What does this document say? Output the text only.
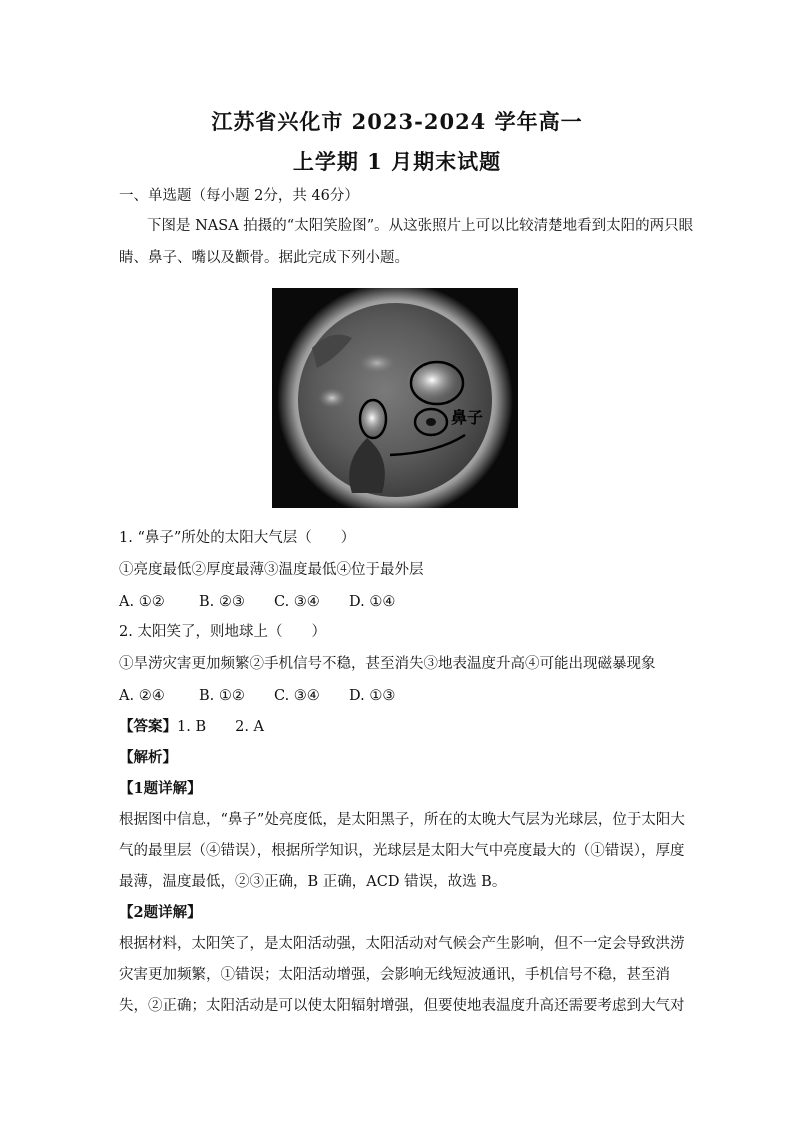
江苏省兴化市 2023-2024 学年高一
上学期 1 月期末试题
一、单选题（每小题 2分，共 46分）
下图是 NASA 拍摄的“太阳笑脸图”。从这张照片上可以比较清楚地看到太阳的两只眼
睛、鼻子、嘴以及颧骨。据此完成下列小题。
鼻子
1. “鼻子”所处的太阳大气层（　　）
①亮度最低②厚度最薄③温度最低④位于最外层
A. ①② B. ②③ C. ③④ D. ①④
2. 太阳笑了，则地球上（　　）
①旱涝灾害更加频繁②手机信号不稳，甚至消失③地表温度升高④可能出现磁暴现象
A. ②④ B. ①② C. ③④ D. ①③
【答案】1. B　　2. A
【解析】
【1题详解】
根据图中信息，“鼻子”处亮度低，是太阳黑子，所在的太晚大气层为光球层，位于太阳大
气的最里层（④错误），根据所学知识，光球层是太阳大气中亮度最大的（①错误），厚度
最薄，温度最低，②③正确，B 正确，ACD 错误，故选 B。
【2题详解】
根据材料，太阳笑了，是太阳活动强，太阳活动对气候会产生影响，但不一定会导致洪涝
灾害更加频繁，①错误；太阳活动增强，会影响无线短波通讯，手机信号不稳，甚至消
失，②正确；太阳活动是可以使太阳辐射增强，但要使地表温度升高还需要考虑到大气对
